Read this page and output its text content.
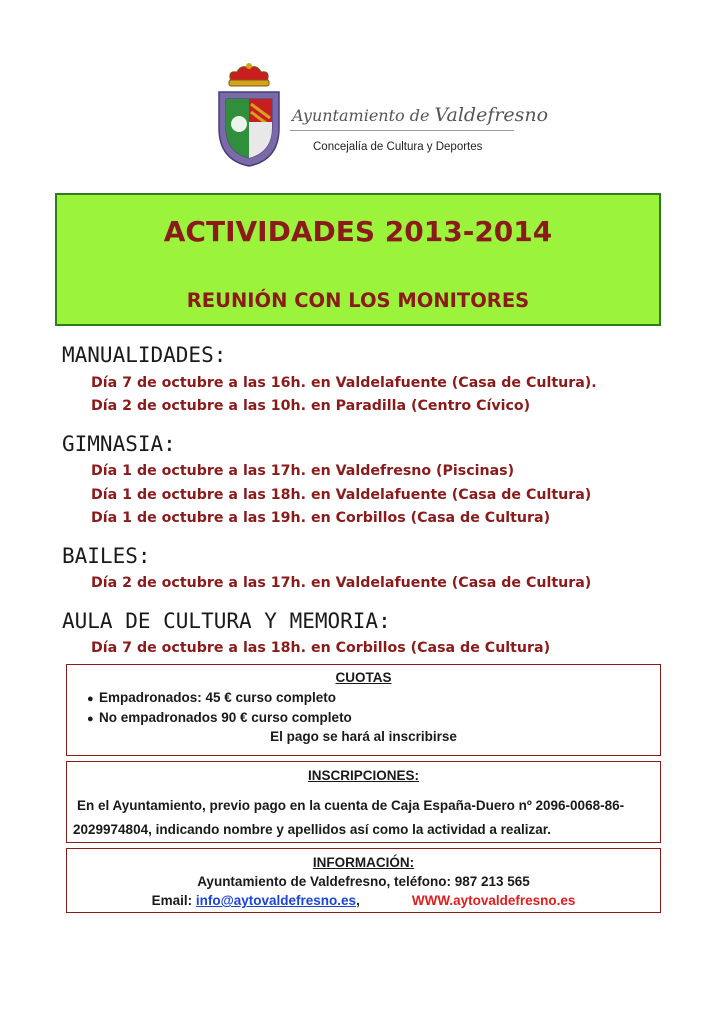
Ayuntamiento de Valdefresno
Concejalía de Cultura y Deportes
ACTIVIDADES 2013-2014
REUNIÓN CON LOS MONITORES
MANUALIDADES:
Día 7 de octubre a las 16h. en Valdelafuente (Casa de Cultura).
Día 2 de octubre a las 10h. en Paradilla (Centro Cívico)
GIMNASIA:
Día 1 de octubre a las 17h. en Valdefresno (Piscinas)
Día 1 de octubre a las 18h. en Valdelafuente (Casa de Cultura)
Día 1 de octubre a las 19h. en Corbillos (Casa de Cultura)
BAILES:
Día 2 de octubre a las 17h. en Valdelafuente (Casa de Cultura)
AULA DE CULTURA Y MEMORIA:
Día 7 de octubre a las 18h. en Corbillos (Casa de Cultura)
CUOTAS
● Empadronados: 45 € curso completo
● No empadronados 90 € curso completo
El pago se hará al inscribirse
INSCRIPCIONES:
En el Ayuntamiento, previo pago en la cuenta de Caja España-Duero nº 2096-0068-86-2029974804, indicando nombre y apellidos así como la actividad a realizar.
INFORMACIÓN:
Ayuntamiento de Valdefresno, teléfono: 987 213 565
Email: info@aytovaldefresno.es,	WWW.aytovaldefresno.es
